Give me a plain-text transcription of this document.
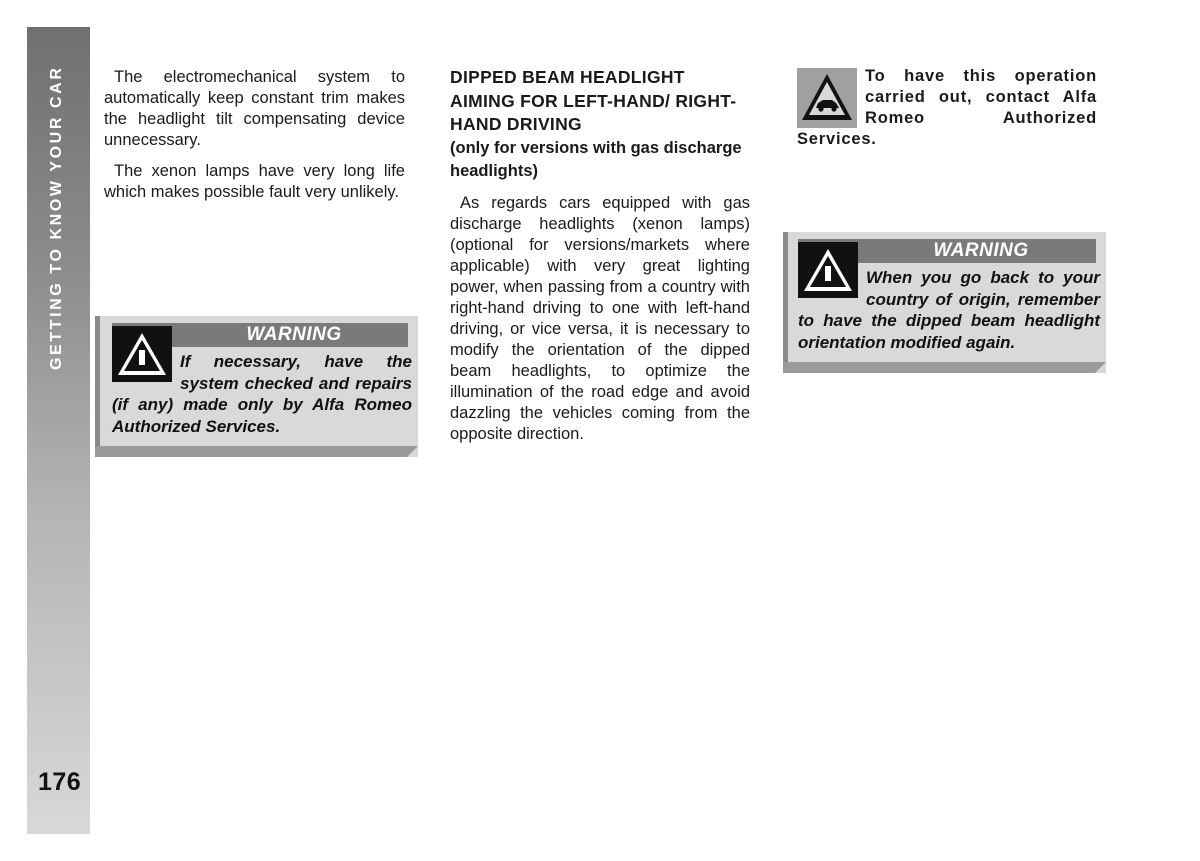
GETTING TO KNOW YOUR CAR
176

The electromechanical system to automatically keep constant trim makes the headlight tilt compensating device unnecessary.

The xenon lamps have very long life which makes possible fault very unlikely.

WARNING

If necessary, have the system checked and repairs (if any) made only by Alfa Romeo Authorized Services.

DIPPED BEAM HEADLIGHT AIMING FOR LEFT-HAND/ RIGHT-HAND DRIVING
(only for versions with gas discharge headlights)

As regards cars equipped with gas discharge headlights (xenon lamps) (optional for versions/markets where applicable) with very great lighting power, when passing from a country with right-hand driving to one with left-hand driving, or vice versa, it is necessary to modify the orientation of the dipped beam headlights, to optimize the illumination of the road edge and avoid dazzling the vehicles coming from the opposite direction.

To have this operation carried out, contact Alfa Romeo Authorized Services.

WARNING

When you go back to your country of origin, remember to have the dipped beam headlight orientation modified again.
